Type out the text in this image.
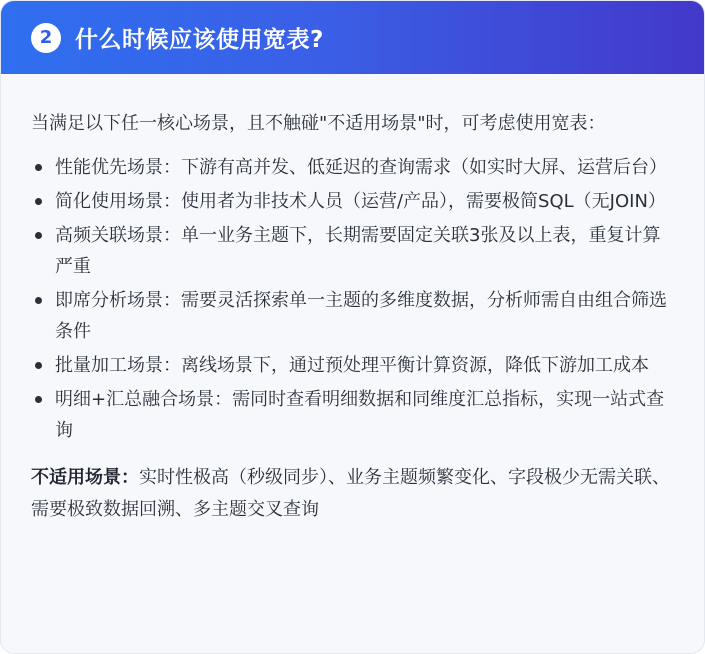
2 什么时候应该使用宽表?
当满足以下任一核心场景，且不触碰"不适用场景"时，可考虑使用宽表：
性能优先场景：下游有高并发、低延迟的查询需求（如实时大屏、运营后台）
简化使用场景：使用者为非技术人员（运营/产品），需要极简SQL（无JOIN）
高频关联场景：单一业务主题下，长期需要固定关联3张及以上表，重复计算严重
即席分析场景：需要灵活探索单一主题的多维度数据，分析师需自由组合筛选条件
批量加工场景：离线场景下，通过预处理平衡计算资源，降低下游加工成本
明细+汇总融合场景：需同时查看明细数据和同维度汇总指标，实现一站式查询
不适用场景：实时性极高（秒级同步）、业务主题频繁变化、字段极少无需关联、需要极致数据回溯、多主题交叉查询
